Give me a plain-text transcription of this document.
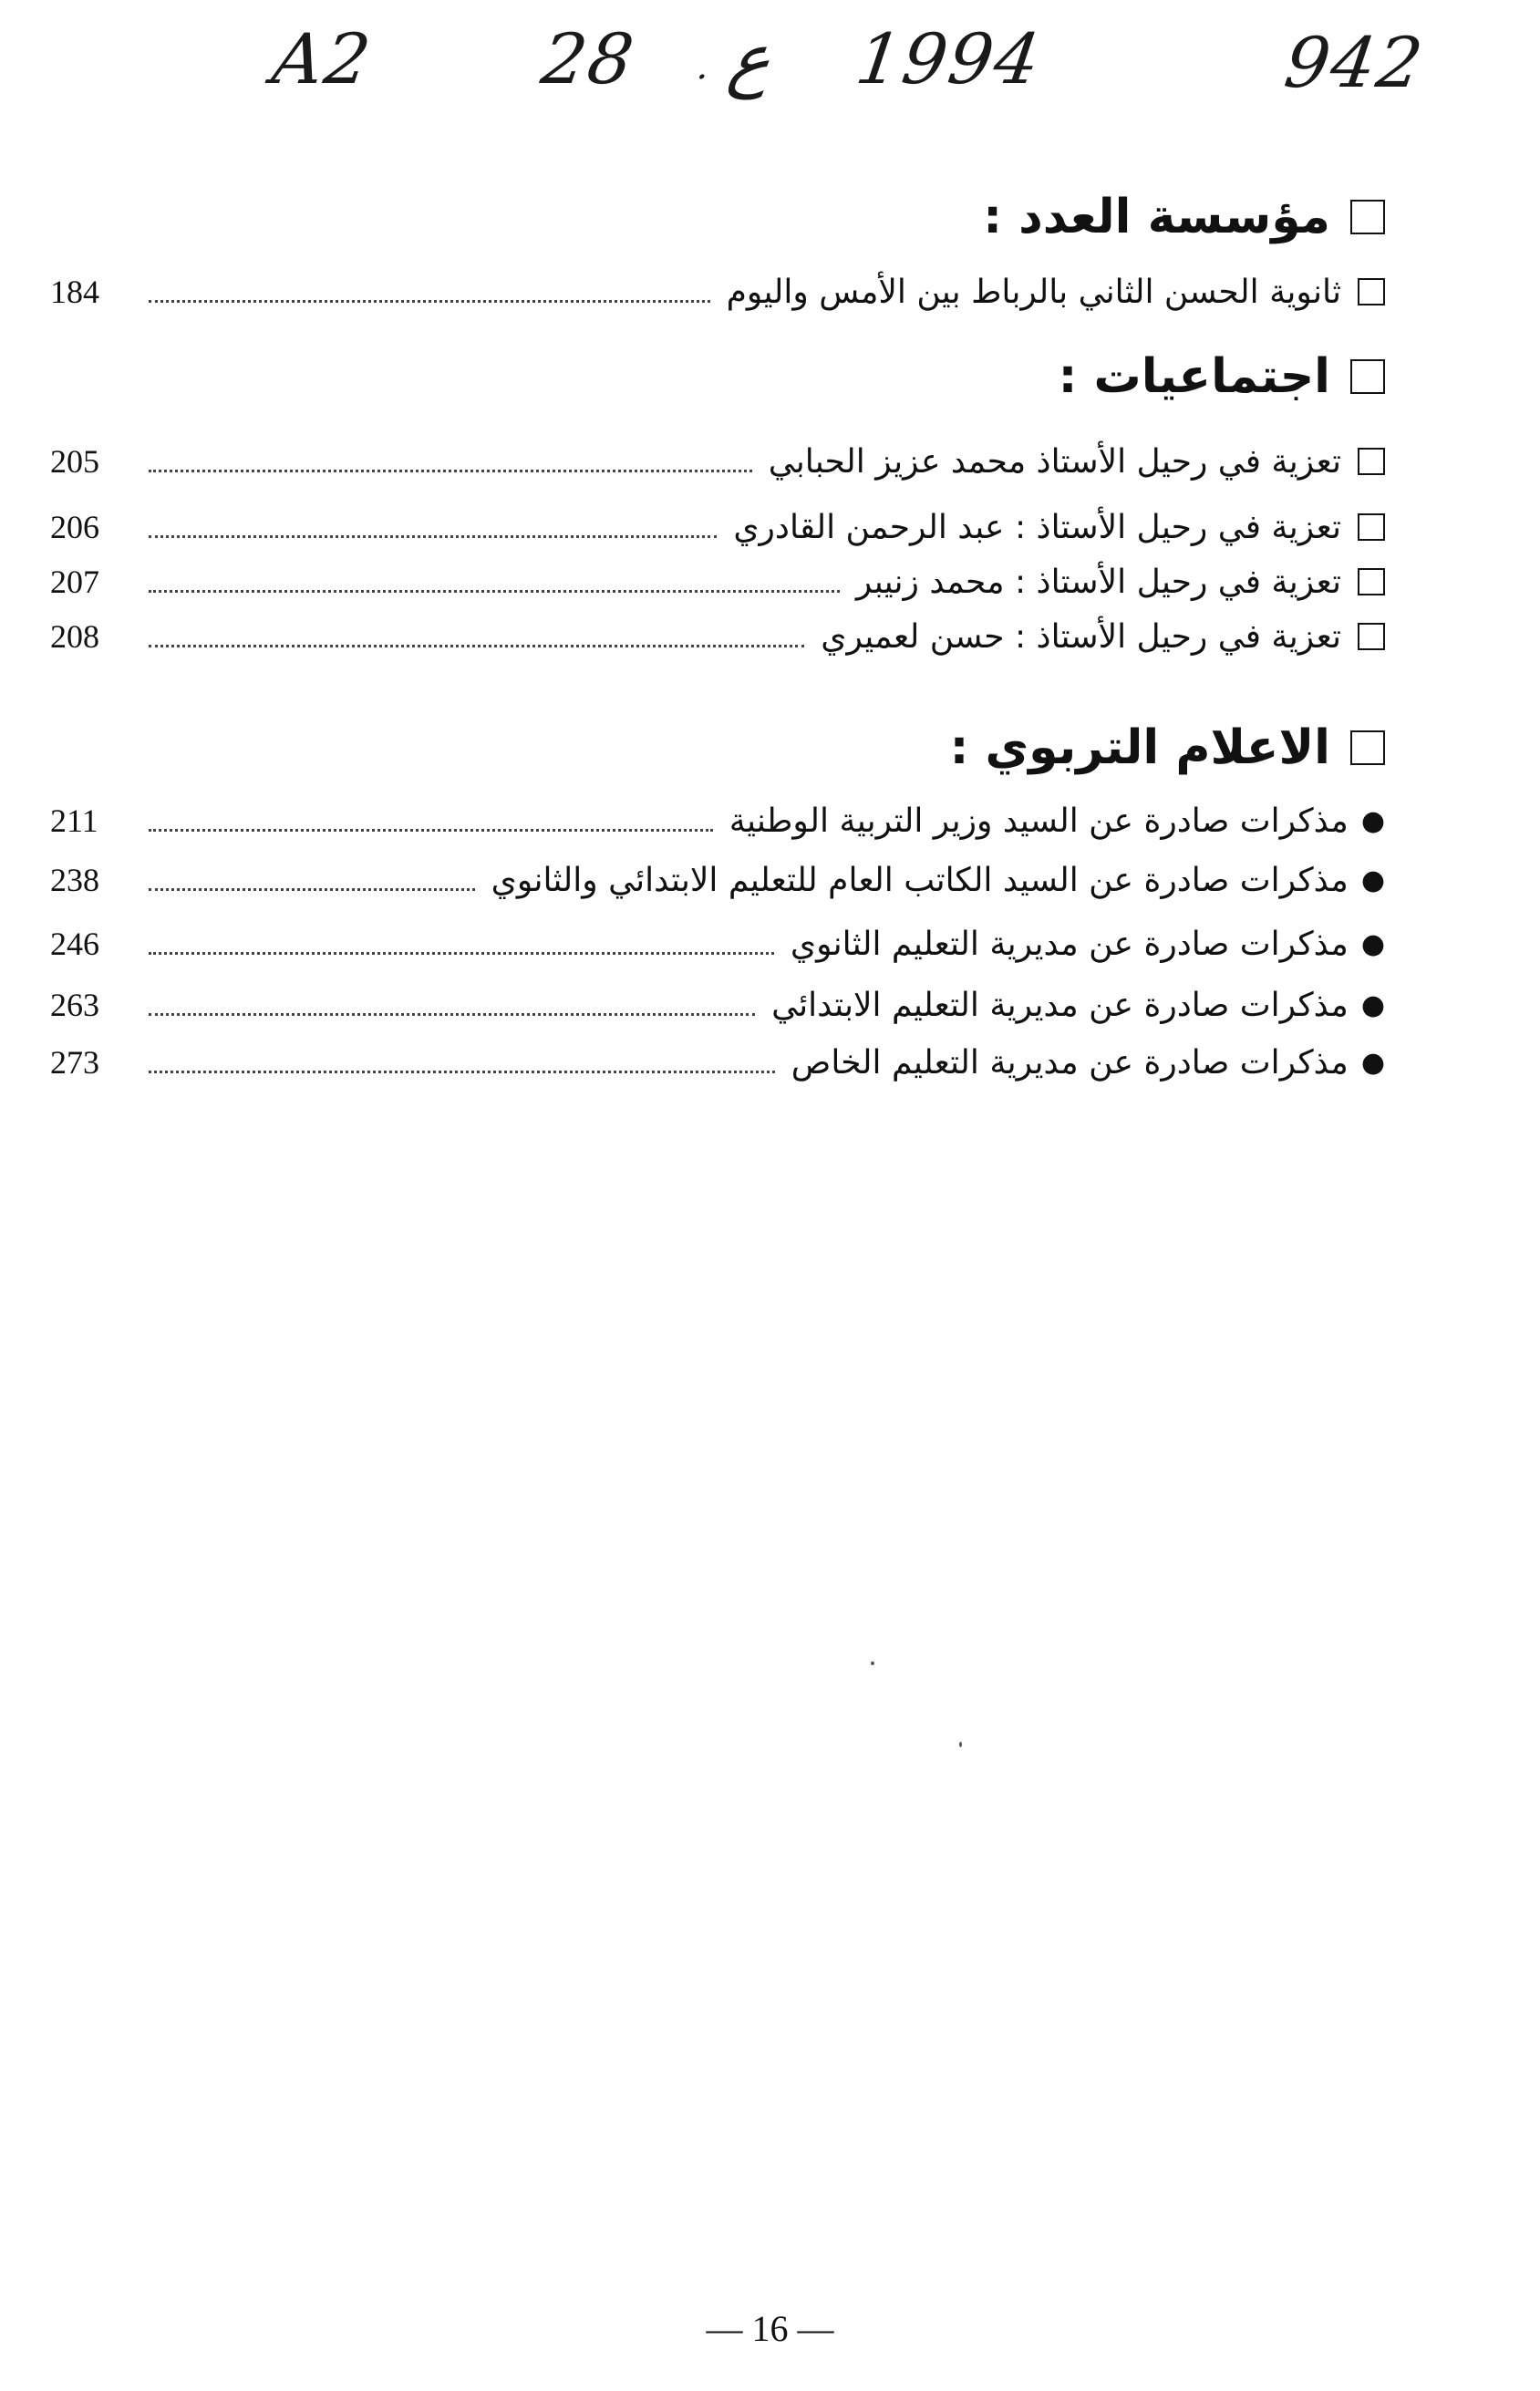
A2 28 . ع 1994	942
مؤسسة العدد :
ثانوية الحسن الثاني بالرباط بين الأمس واليوم
184
اجتماعيات :
تعزية في رحيل الأستاذ محمد عزيز الحبابي
205
تعزية في رحيل الأستاذ : عبد الرحمن القادري
206
تعزية في رحيل الأستاذ : محمد زنيبر
207
تعزية في رحيل الأستاذ : حسن لعميري
208
الاعلام التربوي :
●
مذكرات صادرة عن السيد وزير التربية الوطنية
211
●
مذكرات صادرة عن السيد الكاتب العام للتعليم الابتدائي والثانوي
238
●
مذكرات صادرة عن مديرية التعليم الثانوي
246
●
مذكرات صادرة عن مديرية التعليم الابتدائي
263
●
مذكرات صادرة عن مديرية التعليم الخاص
273
— 16 —
